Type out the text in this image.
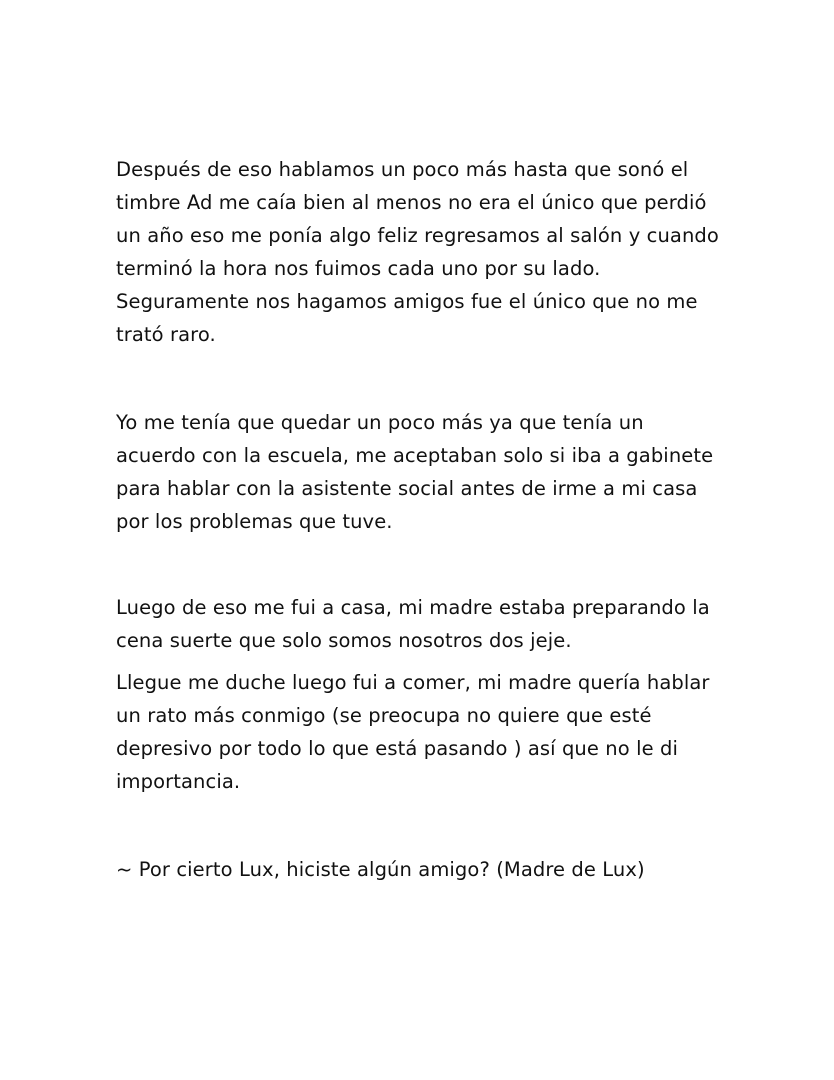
Después de eso hablamos un poco más hasta que sonó el
timbre Ad me caía bien al menos no era el único que perdió
un año eso me ponía algo feliz regresamos al salón y cuando
terminó la hora nos fuimos cada uno por su lado.
Seguramente nos hagamos amigos fue el único que no me
trató raro.

Yo me tenía que quedar un poco más ya que tenía un
acuerdo con la escuela, me aceptaban solo si iba a gabinete
para hablar con la asistente social antes de irme a mi casa
por los problemas que tuve.

Luego de eso me fui a casa, mi madre estaba preparando la
cena suerte que solo somos nosotros dos jeje.

Llegue me duche luego fui a comer, mi madre quería hablar
un rato más conmigo (se preocupa no quiere que esté
depresivo por todo lo que está pasando ) así que no le di
importancia.

~ Por cierto Lux, hiciste algún amigo? (Madre de Lux)
